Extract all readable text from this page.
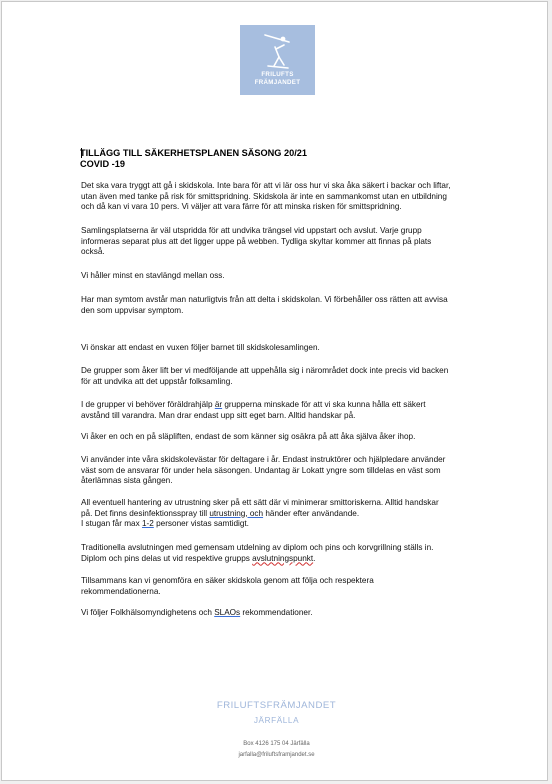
FRILUFTS
FRÄMJANDET
TILLÄGG TILL SÄKERHETSPLANEN SÄSONG 20/21
COVID -19
Det ska vara tryggt att gå i skidskola. Inte bara för att vi lär oss hur vi ska åka säkert i backar och liftar,
utan även med tanke på risk för smittspridning. Skidskola är inte en sammankomst utan en utbildning
och då kan vi vara 10 pers. Vi väljer att vara färre för att minska risken för smittspridning.
Samlingsplatserna är väl utspridda för att undvika trängsel vid uppstart och avslut. Varje grupp
informeras separat plus att det ligger uppe på webben. Tydliga skyltar kommer att finnas på plats
också.
Vi håller minst en stavlängd mellan oss.
Har man symtom avstår man naturligtvis från att delta i skidskolan. Vi förbehåller oss rätten att avvisa
den som uppvisar symptom.
Vi önskar att endast en vuxen följer barnet till skidskolesamlingen.
De grupper som åker lift ber vi medföljande att uppehålla sig i närområdet dock inte precis vid backen
för att undvika att det uppstår folksamling.
I de grupper vi behöver föräldrahjälp är grupperna minskade för att vi ska kunna hålla ett säkert
avstånd till varandra. Man drar endast upp sitt eget barn. Alltid handskar på.
Vi åker en och en på släpliften, endast de som känner sig osäkra på att åka själva åker ihop.
Vi använder inte våra skidskolevästar för deltagare i år. Endast instruktörer och hjälpledare använder
väst som de ansvarar för under hela säsongen. Undantag är Lokatt yngre som tilldelas en väst som
återlämnas sista gången.
All eventuell hantering av utrustning sker på ett sätt där vi minimerar smittoriskerna. Alltid handskar
på. Det finns desinfektionsspray till utrustning, och händer efter användande.
I stugan får max 1-2 personer vistas samtidigt.
Traditionella avslutningen med gemensam utdelning av diplom och pins och korvgrillning ställs in.
Diplom och pins delas ut vid respektive grupps avslutningspunkt.
Tillsammans kan vi genomföra en säker skidskola genom att följa och respektera
rekommendationerna.
Vi följer Folkhälsomyndighetens och SLAOs rekommendationer.
FRILUFTSFRÄMJANDET
JÄRFÄLLA
Box 4126 175 04 Järfälla
jarfalla@friluftsframjandet.se
